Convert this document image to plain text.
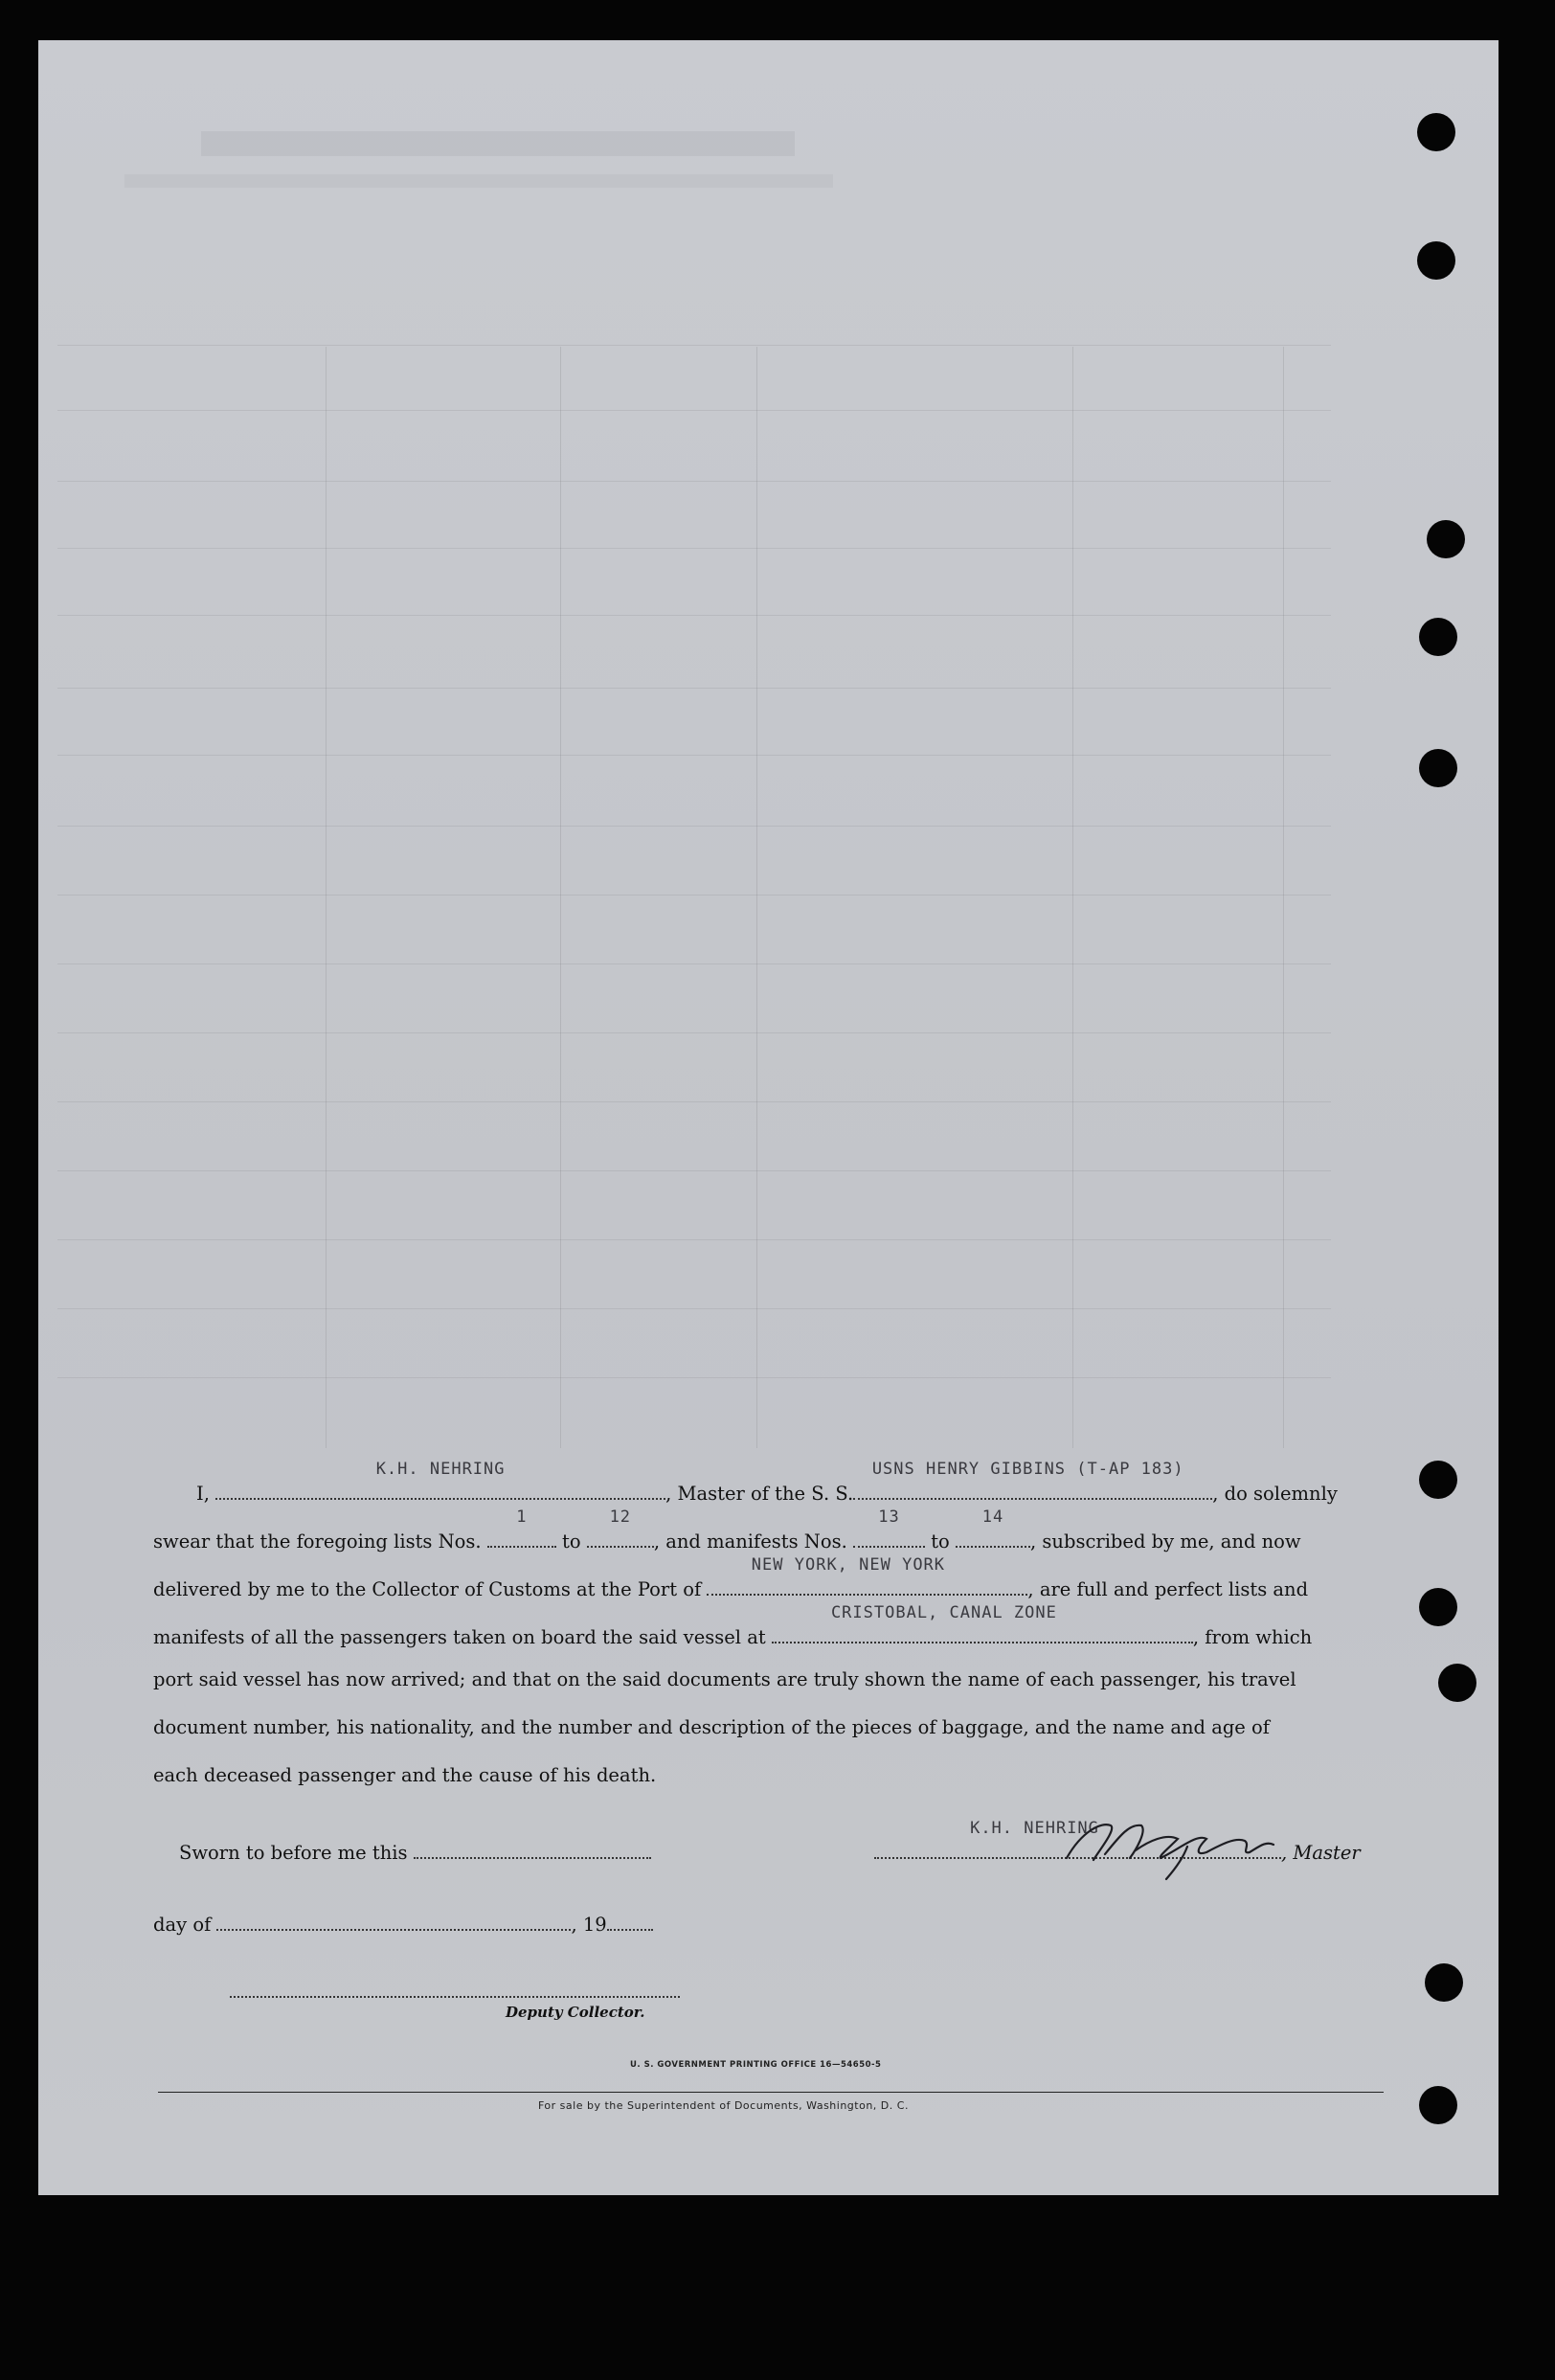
I,
K.H. NEHRING
, Master of the S. S.
USNS HENRY GIBBINS (T-AP 183)
, do solemnly
swear that the foregoing lists Nos.
1
to
12
, and manifests Nos.
13
to
14
, subscribed by me, and now
delivered by me to the Collector of Customs at the Port of
NEW YORK, NEW YORK
, are full and perfect lists and
manifests of all the passengers taken on board the said vessel at
CRISTOBAL, CANAL ZONE
, from which
port said vessel has now arrived; and that on the said documents are truly shown the name of each passenger, his travel
document number, his nationality, and the number and description of the pieces of baggage, and the name and age of
each deceased passenger and the cause of his death.
Sworn to before me this
K.H. NEHRING
, Master
day of	, 19
Deputy Collector.
U. S. GOVERNMENT PRINTING OFFICE 16—54650-5
For sale by the Superintendent of Documents, Washington, D. C.
